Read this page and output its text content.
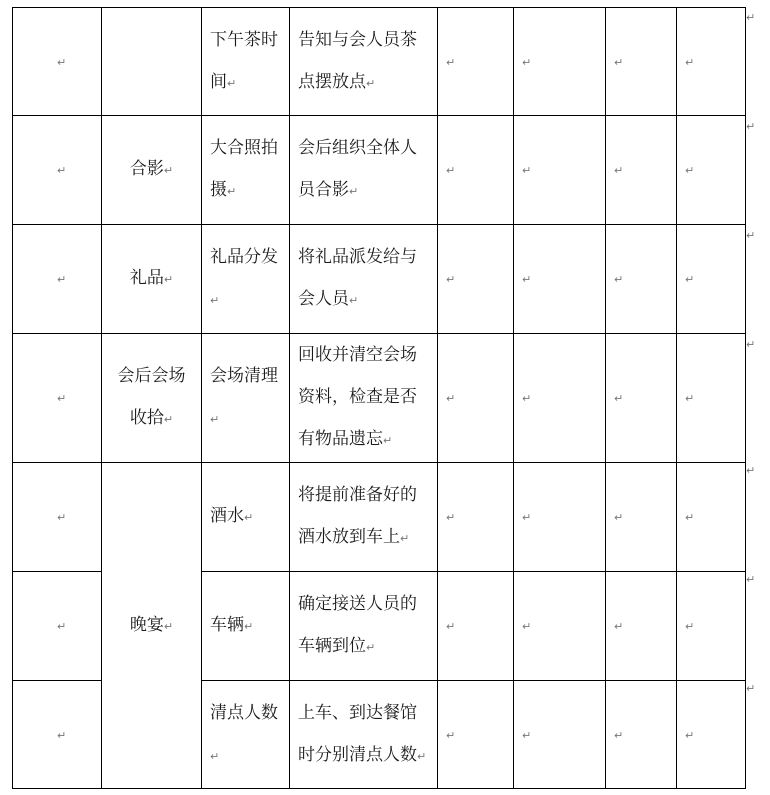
’
↵		下午茶时间↵	告知与会人员茶点摆放点↵	↵	↵	↵	↵
↵	合影↵	大合照拍摄↵	会后组织全体人员合影↵	↵	↵	↵	↵
↵	礼品↵	礼品分发↵	将礼品派发给与会人员↵	↵	↵	↵	↵
↵	会后会场收拾↵	会场清理↵	回收并清空会场资料，检查是否有物品遗忘↵	↵	↵	↵	↵
↵	晚宴↵	酒水↵	将提前准备好的酒水放到车上↵	↵	↵	↵	↵
↵	车辆↵	确定接送人员的车辆到位↵	↵	↵	↵	↵
↵	清点人数↵	上车、到达餐馆时分别清点人数↵	↵	↵	↵	↵
↵
↵
↵
↵
↵
↵
↵
